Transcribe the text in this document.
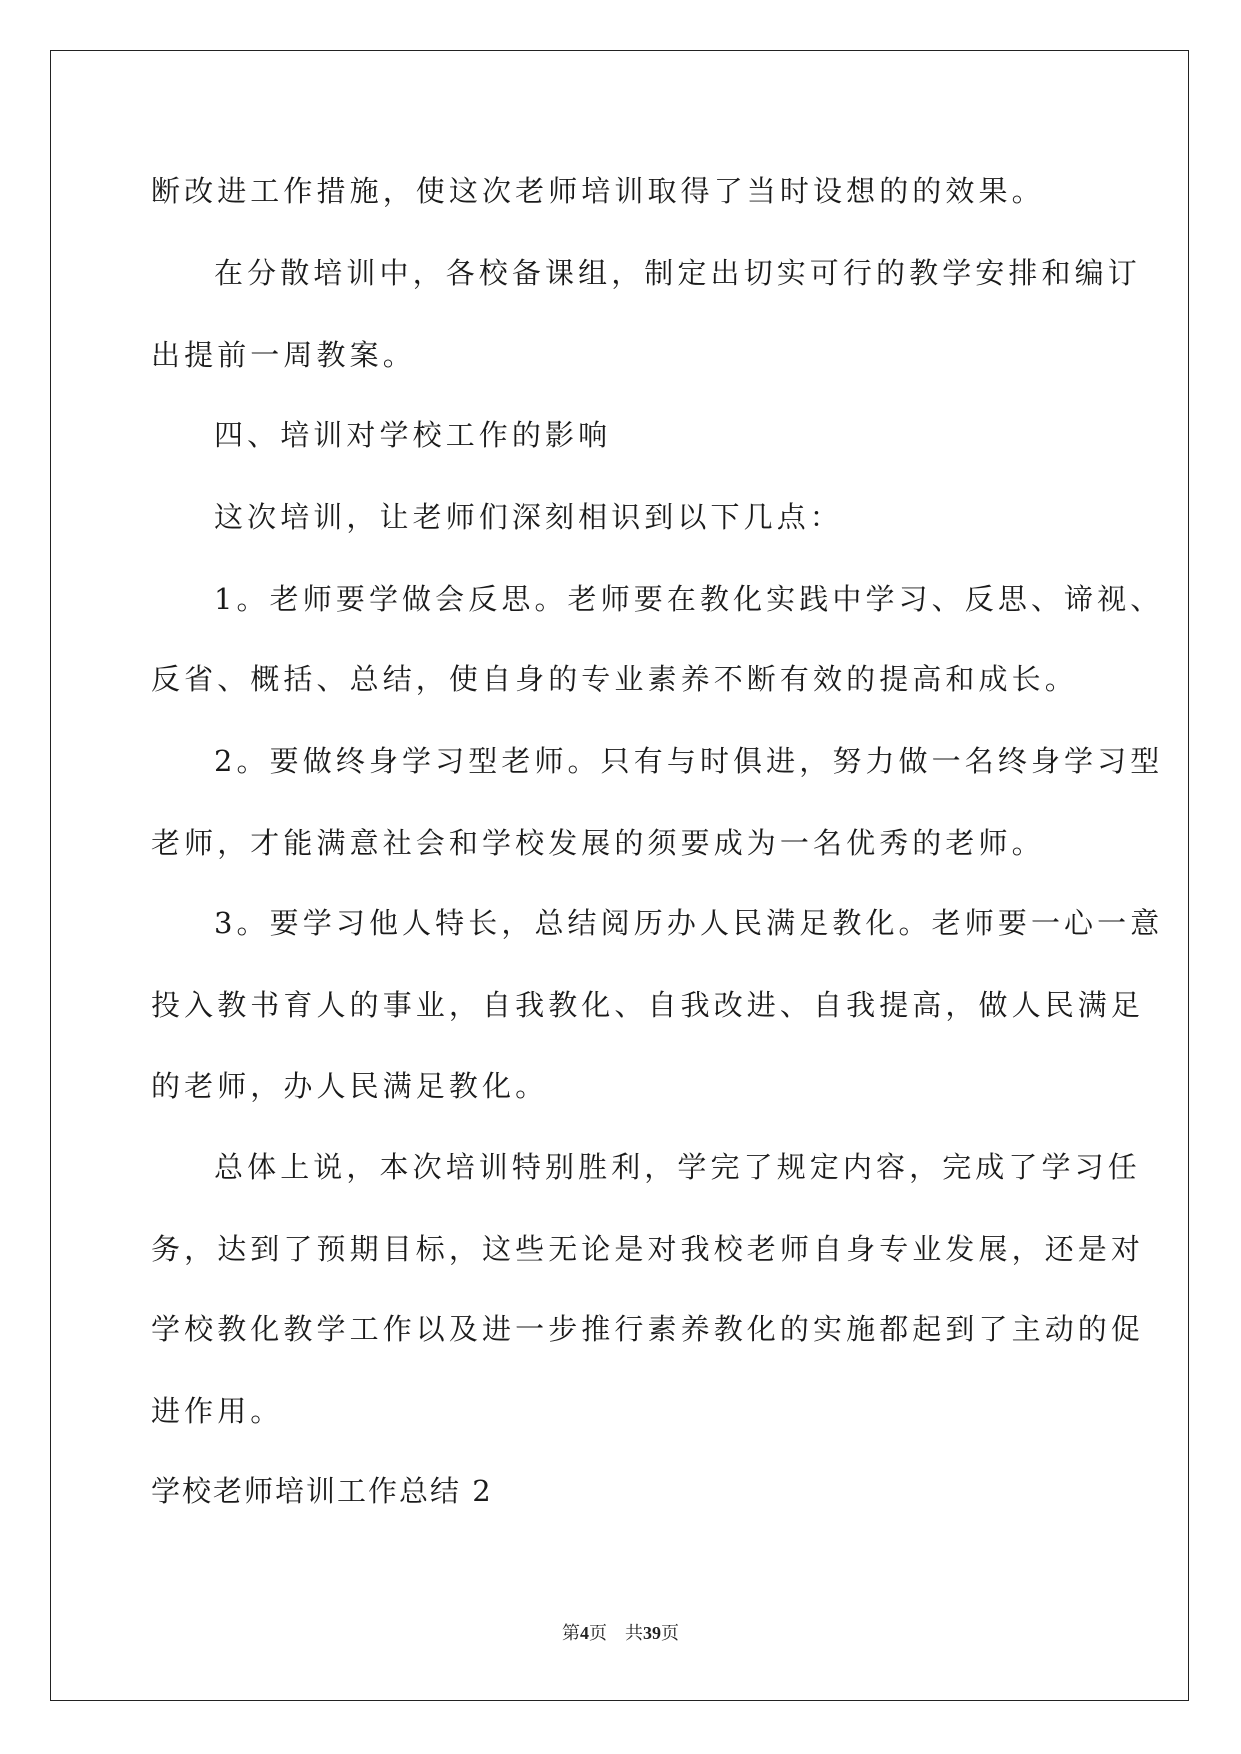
断改进工作措施，使这次老师培训取得了当时设想的的效果。
在分散培训中，各校备课组，制定出切实可行的教学安排和编订
出提前一周教案。
四、培训对学校工作的影响
这次培训，让老师们深刻相识到以下几点：
1。老师要学做会反思。老师要在教化实践中学习、反思、谛视、
反省、概括、总结，使自身的专业素养不断有效的提高和成长。
2。要做终身学习型老师。只有与时俱进，努力做一名终身学习型
老师，才能满意社会和学校发展的须要成为一名优秀的老师。
3。要学习他人特长，总结阅历办人民满足教化。老师要一心一意
投入教书育人的事业，自我教化、自我改进、自我提高，做人民满足
的老师，办人民满足教化。
总体上说，本次培训特别胜利，学完了规定内容，完成了学习任
务，达到了预期目标，这些无论是对我校老师自身专业发展，还是对
学校教化教学工作以及进一步推行素养教化的实施都起到了主动的促
进作用。
学校老师培训工作总结 2
第4页 共39页
